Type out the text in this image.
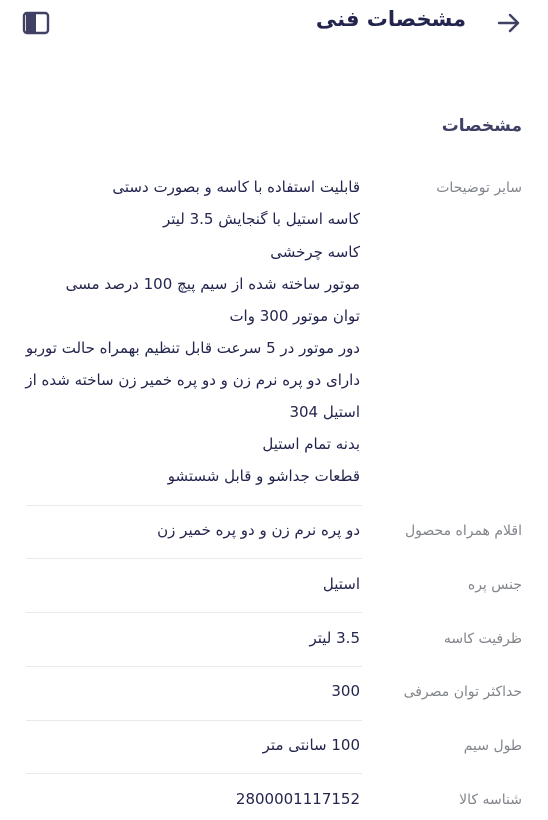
مشخصات فنی
مشخصات
سایر توضیحات
قابلیت استفاده با کاسه و بصورت دستی
کاسه استیل با گنجایش 3.5 لیتر
کاسه چرخشی
موتور ساخته شده از سیم پیچ 100 درصد مسی
توان موتور 300 وات
دور موتور در 5 سرعت قابل تنظیم بهمراه حالت توربو
دارای دو پره نرم زن و دو پره خمیر زن ساخته شده از
استیل 304
بدنه تمام استیل
قطعات جداشو و قابل شستشو
اقلام همراه محصول
دو پره نرم زن و دو پره خمیر زن
جنس پره
استیل
ظرفیت کاسه
3.5 لیتر
حداکثر توان مصرفی
300
طول سیم
100 سانتی متر
شناسه کالا
2800001117152
